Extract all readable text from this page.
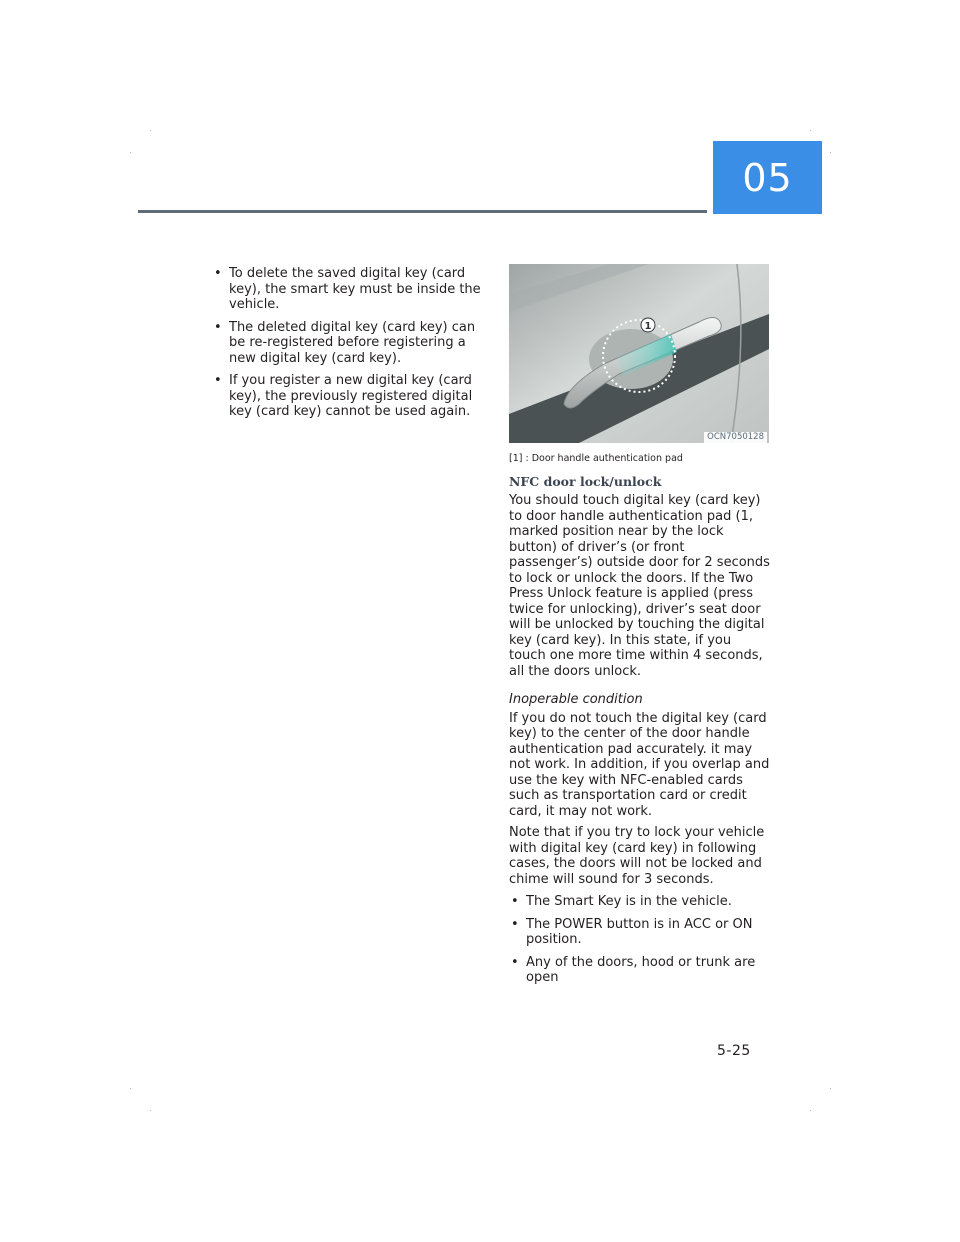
05
• To delete the saved digital key (card key), the smart key must be inside the vehicle.
• The deleted digital key (card key) can be re-registered before registering a new digital key (card key).
• If you register a new digital key (card key), the previously registered digital key (card key) cannot be used again.
1
OCN7050128
[1] : Door handle authentication pad
NFC door lock/unlock

You should touch digital key (card key) to door handle authentication pad (1, marked position near by the lock button) of driver’s (or front passenger’s) outside door for 2 seconds to lock or unlock the doors. If the Two Press Unlock feature is applied (press twice for unlocking), driver’s seat door will be unlocked by touching the digital key (card key). In this state, if you touch one more time within 4 seconds, all the doors unlock.

Inoperable condition

If you do not touch the digital key (card key) to the center of the door handle authentication pad accurately. it may not work. In addition, if you overlap and use the key with NFC-enabled cards such as transportation card or credit card, it may not work.

Note that if you try to lock your vehicle with digital key (card key) in following cases, the doors will not be locked and chime will sound for 3 seconds.

• The Smart Key is in the vehicle.
• The POWER button is in ACC or ON position.
• Any of the doors, hood or trunk are open
5-25
